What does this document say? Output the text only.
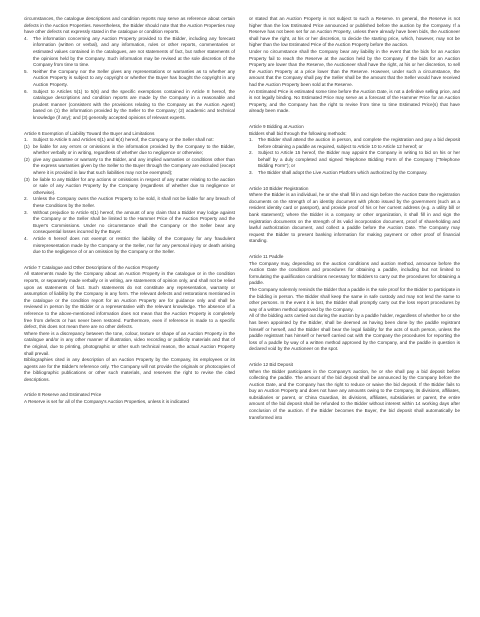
circumstances, the catalogue descriptions and condition reports may serve as reference about certain defects in the Auction Properties. Nevertheless, the Bidder should note that the Auction Properties may have other defects not expressly stated in the catalogue or condition reports.

4.	The information concerning any Auction Property provided to the Bidder, including any forecast information (written or verbal), and any information, rules or other reports, commentaries or estimated values contained in the catalogues, are not statements of fact, but rather statements of the opinions held by the Company. Such information may be revised at the sole discretion of the Company from time to time.
5.	Neither the Company nor the Seller gives any representations or warranties as to whether any Auction Property is subject to any copyright or whether the Buyer has bought the copyright in any Auction Property.
6.	Subject to Articles 5(1) to 5(6) and the specific exemptions contained in Article 8 hereof, the catalogue descriptions and condition reports are made by the Company in a reasonable and prudent manner (consistent with the provisions relating to the Company as the Auction Agent) based on (1) the information provided by the Seller to the Company; (2) academic and technical knowledge (if any); and (3) generally accepted opinions of relevant experts.

Article 6 Exemption of Liability Toward the Buyer and Limitations

1.	Subject to Article 5 and Articles 6(1) and 6(4) hereof, the Company or the Seller shall not:
(1) be liable for any errors or omissions in the information provided by the Company to the Bidder, whether verbally or in writing, regardless of whether due to negligence or otherwise;
(2) give any guarantee or warranty to the Bidder, and any implied warranties or conditions other than the express warranties given by the Seller to the Buyer through the Company are excluded (except where it is provided in law that such liabilities may not be exempted);
(3) be liable to any Bidder for any actions or omissions in respect of any matter relating to the auction or sale of any Auction Property by the Company (regardless of whether due to negligence or otherwise).
2.	Unless the Company owns the Auction Property to be sold, it shall not be liable for any breach of these Conditions by the Seller.
3.	Without prejudice to Article 6(1) hereof, the amount of any claim that a Bidder may lodge against the Company or the Seller shall be limited to the Hammer Price of the Auction Property and the Buyer's Commissions. Under no circumstance shall the Company or the Seller bear any consequential losses incurred by the Buyer.
4.	Article 6 hereof does not exempt or restrict the liability of the Company for any fraudulent misrepresentation made by the Company or the Seller, nor for any personal injury or death arising due to the negligence of or an omission by the Company or the Seller.

Article 7 Catalogue and Other Descriptions of the Auction Property

All statements made by the Company about an Auction Property in the catalogue or in the condition reports, or separately made verbally or in writing, are statements of opinion only, and shall not be relied upon as statements of fact. Such statements do not constitute any representation, warranty or assumption of liability by the Company in any form. The relevant defects and restorations mentioned in the catalogue or the condition report for an Auction Property are for guidance only and shall be reviewed in person by the Bidder or a representative with the relevant knowledge. The absence of a reference to the above-mentioned information does not mean that the Auction Property is completely free from defects or has never been restored. Furthermore, even if reference is made to a specific defect, this does not mean there are no other defects.

Where there is a discrepancy between the tone, colour, texture or shape of an Auction Property in the catalogue and/or in any other manner of illustration, video recording or publicity materials and that of the original, due to printing, photographic or other such technical reason, the actual Auction Property shall prevail.

Bibliographies cited in any description of an Auction Property by the Company, its employees or its agents are for the Bidder's reference only. The Company will not provide the originals or photocopies of the bibliographic publications or other such materials, and reserves the right to revise the cited descriptions.

Article 8 Reserve and Estimated Price

A Reserve is set for all of the Company's Auction Properties, unless it is indicated

or stated that an Auction Property is not subject to such a Reserve. In general, the Reserve is not higher than the low Estimated Price announced or published before the auction by the Company. If a Reserve has not been set for an Auction Property, unless there already have been bids, the Auctioneer shall have the right, at his or her discretion, to decide the starting price, which, however, may not be higher than the low Estimated Price of the Auction Property before the auction.

Under no circumstance shall the Company bear any liability in the event that the bids for an Auction Property fail to reach the Reserve at the auction held by the Company. If the bids for an Auction Property are lower than the Reserve, the Auctioneer shall have the right, at his or her discretion, to sell the Auction Property at a price lower than the Reserve. However, under such a circumstance, the amount that the Company shall pay the Seller shall be the amount that the Seller would have received had the Auction Property been sold at the Reserve.

An Estimated Price is estimated some time before the Auction Date, is not a definitive selling price, and is not legally binding. No Estimated Price may serve as a forecast of the Hammer Price for an Auction Property, and the Company has the right to revise from time to time Estimated Price(s) that have already been made.

Article 9 Bidding at Auction

Bidders shall bid through the following methods:

1.	The Bidder shall attend the auction in person, and complete the registration and pay a bid deposit before obtaining a paddle as required, subject to Article 10 to Article 12 hereof; or
2.	Subject to Article 15 hereof, the Bidder may appoint the Company in writing to bid on his or her behalf by a duly completed and signed Telephone Bidding Form of the Company ("Telephone Bidding Form"); or
3.	The Bidder shall adopt the Live Auction Platform which authorized by the Company.

Article 10 Bidder Registration

Where the Bidder is an individual, he or she shall fill in and sign before the Auction Date the registration documents on the strength of an identity document with photo issued by the government (such as a resident identity card or passport), and provide proof of his or her current address (e.g. a utility bill or bank statement); where the Bidder is a company or other organization, it shall fill in and sign the registration documents on the strength of its valid incorporation document, proof of shareholding and lawful authorization document, and collect a paddle before the Auction Date. The Company may request the Bidder to present banking information for making payment or other proof of financial standing.

Article 11 Paddle

The Company may, depending on the auction conditions and auction method, announce before the Auction Date the conditions and procedures for obtaining a paddle, including but not limited to formulating the qualification conditions necessary for Bidders to carry out the procedures for obtaining a paddle.

The Company solemnly reminds the Bidder that a paddle is the sole proof for the Bidder to participate in the bidding in person. The Bidder shall keep the same in safe custody and may not lend the same to other persons. In the event it is lost, the Bidder shall promptly carry out the loss report procedures by way of a written method approved by the Company.

All of the bidding acts carried out during the auction by a paddle holder, regardless of whether he or she has been appointed by the Bidder, shall be deemed as having been done by the paddle registrant himself or herself, and the Bidder shall bear the legal liability for the acts of such person, unless the paddle registrant has himself or herself carried out with the Company the procedures for reporting the loss of a paddle by way of a written method approved by the Company, and the paddle in question is declared void by the Auctioneer on the spot.

Article 12 Bid Deposit

When the Bidder participates in the Company's auction, he or she shall pay a bid deposit before collecting the paddle. The amount of the bid deposit shall be announced by the Company before the Auction Date, and the Company has the right to reduce or waive the bid deposit. If the Bidder fails to buy an Auction Property and does not have any amounts owing to the Company, its divisions, affiliates, subsidiaries or parent, or China Guardian, its divisions, affiliates, subsidiaries or parent, the entire amount of the bid deposit shall be refunded to the Bidder without interest within 14 working days after conclusion of the auction. If the Bidder becomes the Buyer, the bid deposit shall automatically be transformed into
